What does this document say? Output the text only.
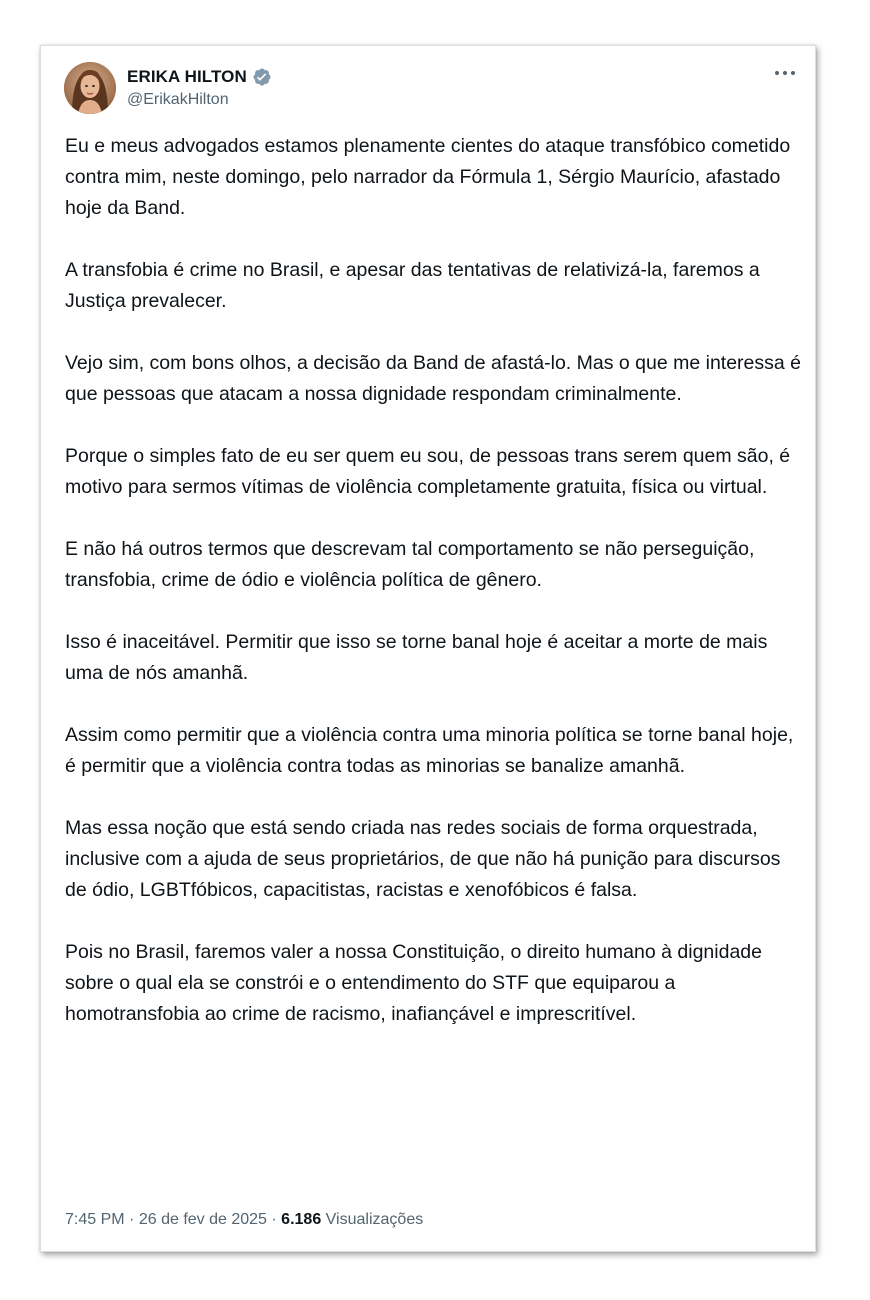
ERIKA HILTON
@ErikakHilton

Eu e meus advogados estamos plenamente cientes do ataque transfóbico cometido contra mim, neste domingo, pelo narrador da Fórmula 1, Sérgio Maurício, afastado hoje da Band.

A transfobia é crime no Brasil, e apesar das tentativas de relativizá-la, faremos a Justiça prevalecer.

Vejo sim, com bons olhos, a decisão da Band de afastá-lo. Mas o que me interessa é que pessoas que atacam a nossa dignidade respondam criminalmente.

Porque o simples fato de eu ser quem eu sou, de pessoas trans serem quem são, é motivo para sermos vítimas de violência completamente gratuita, física ou virtual.

E não há outros termos que descrevam tal comportamento se não perseguição, transfobia, crime de ódio e violência política de gênero.

Isso é inaceitável. Permitir que isso se torne banal hoje é aceitar a morte de mais uma de nós amanhã.

Assim como permitir que a violência contra uma minoria política se torne banal hoje, é permitir que a violência contra todas as minorias se banalize amanhã.

Mas essa noção que está sendo criada nas redes sociais de forma orquestrada, inclusive com a ajuda de seus proprietários, de que não há punição para discursos de ódio, LGBTfóbicos, capacitistas, racistas e xenofóbicos é falsa.

Pois no Brasil, faremos valer a nossa Constituição, o direito humano à dignidade sobre o qual ela se constrói e o entendimento do STF que equiparou a homotransfobia ao crime de racismo, inafiançável e imprescritível.

7:45 PM · 26 de fev de 2025 · 6.186 Visualizações
